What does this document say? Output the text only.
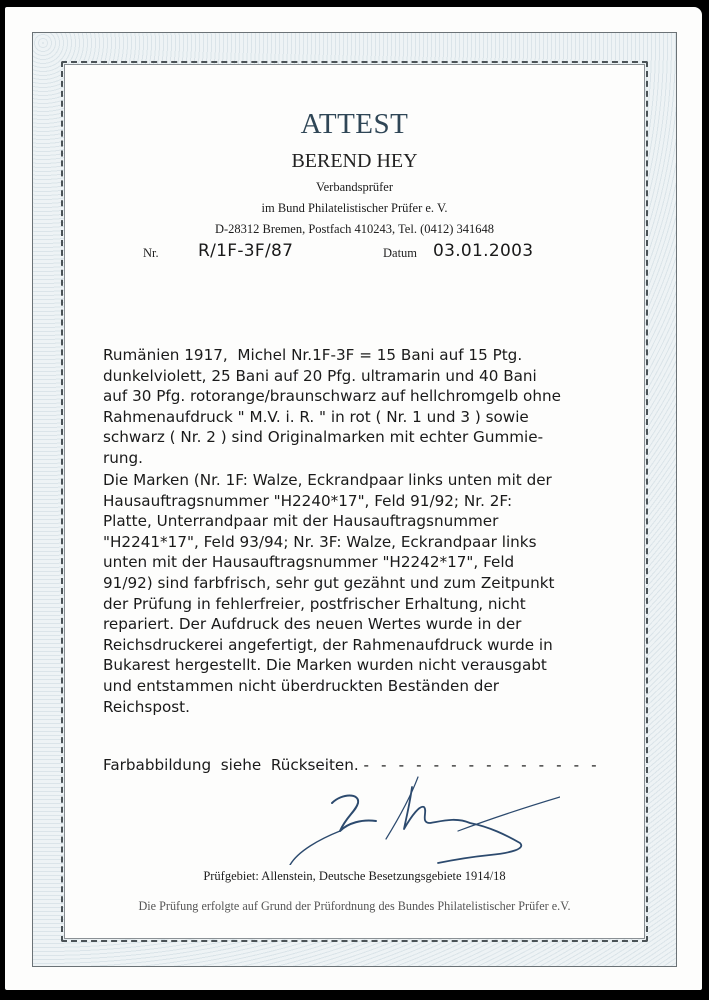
ATTEST
BEREND HEY
Verbandsprüfer
im Bund Philatelistischer Prüfer e. V.
D-28312 Bremen, Postfach 410243, Tel. (0412) 341648
Nr. R/1F-3F/87	Datum 03.01.2003
Rumänien 1917,  Michel Nr.1F-3F = 15 Bani auf 15 Ptg.
dunkelviolett, 25 Bani auf 20 Pfg. ultramarin und 40 Bani
auf 30 Pfg. rotorange/braunschwarz auf hellchromgelb ohne
Rahmenaufdruck " M.V. i. R. " in rot ( Nr. 1 und 3 ) sowie
schwarz ( Nr. 2 ) sind Originalmarken mit echter Gummie-
rung.
Die Marken (Nr. 1F: Walze, Eckrandpaar links unten mit der
Hausauftragsnummer "H2240*17", Feld 91/92; Nr. 2F:
Platte, Unterrandpaar mit der Hausauftragsnummer
"H2241*17", Feld 93/94; Nr. 3F: Walze, Eckrandpaar links
unten mit der Hausauftragsnummer "H2242*17", Feld
91/92) sind farbfrisch, sehr gut gezähnt und zum Zeitpunkt
der Prüfung in fehlerfreier, postfrischer Erhaltung, nicht
repariert. Der Aufdruck des neuen Wertes wurde in der
Reichsdruckerei angefertigt, der Rahmenaufdruck wurde in
Bukarest hergestellt. Die Marken wurden nicht verausgabt
und entstammen nicht überdruckten Beständen der
Reichspost.
Farbabbildung  siehe  Rückseiten. - - - - - - - - - - - - - -
Prüfgebiet: Allenstein, Deutsche Besetzungsgebiete 1914/18
Die Prüfung erfolgte auf Grund der Prüfordnung des Bundes Philatelistischer Prüfer e.V.
